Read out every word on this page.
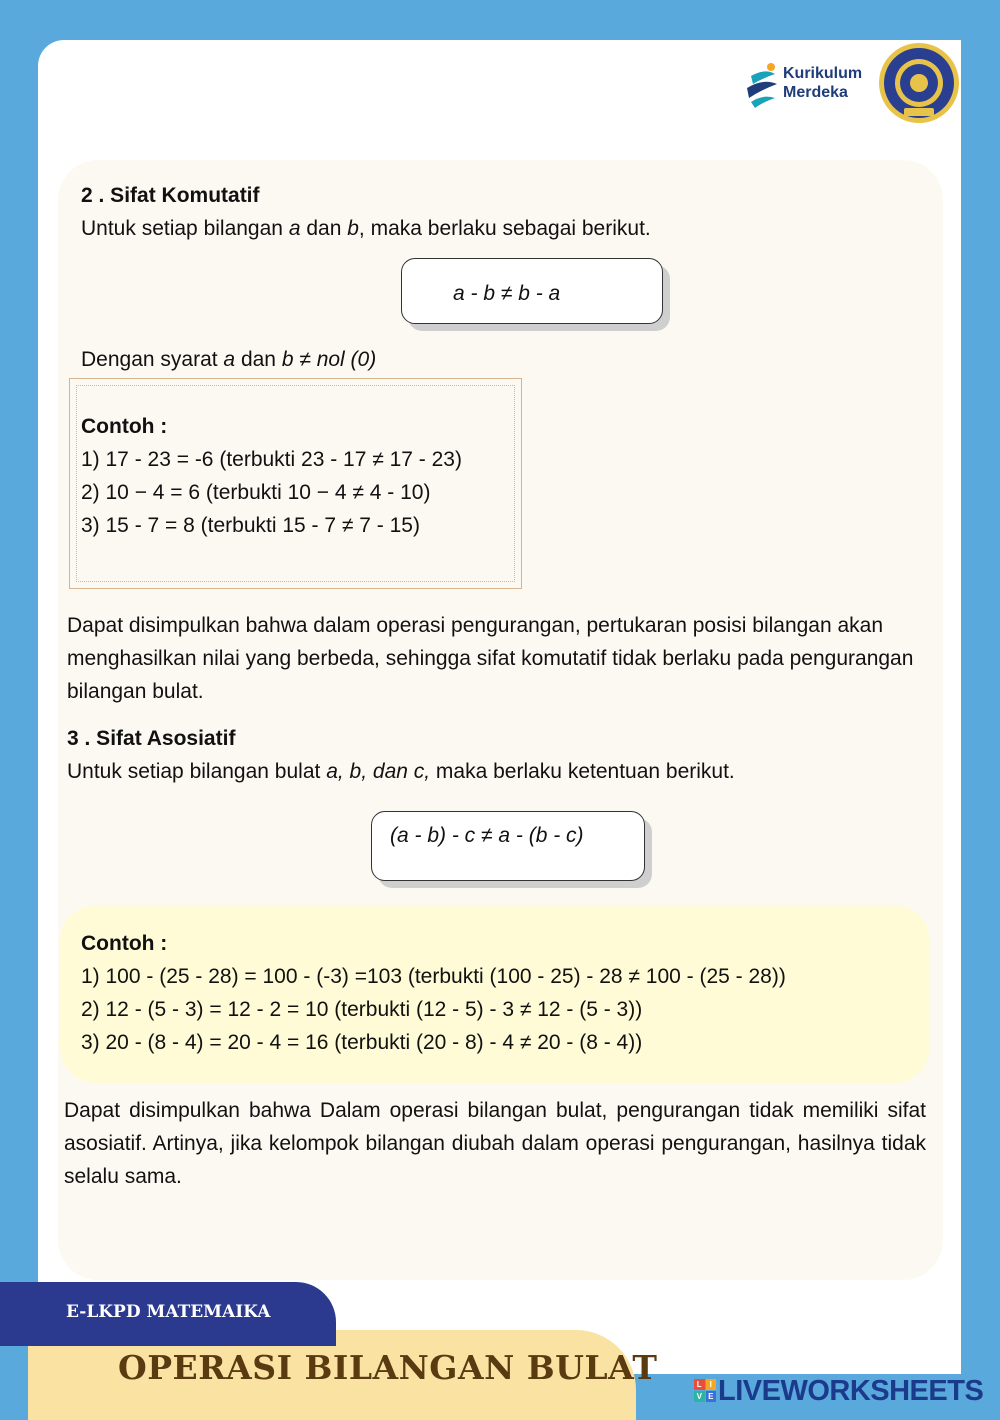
Kurikulum
Merdeka
2 . Sifat Komutatif
Untuk setiap bilangan a dan b, maka berlaku sebagai berikut.
a - b ≠ b - a
Dengan syarat a dan b ≠ nol (0)
Contoh :
1) 17 - 23 = -6 (terbukti 23 - 17 ≠ 17 - 23)
2) 10 − 4 = 6 (terbukti 10 − 4 ≠ 4 - 10)
3) 15 - 7 = 8 (terbukti 15 - 7 ≠ 7 - 15)
Dapat disimpulkan bahwa dalam operasi pengurangan, pertukaran posisi bilangan akan menghasilkan nilai yang berbeda, sehingga sifat komutatif tidak berlaku pada pengurangan bilangan bulat.
3 . Sifat Asosiatif
Untuk setiap bilangan bulat a, b, dan c, maka berlaku ketentuan berikut.
(a - b) - c ≠ a - (b - c)
Contoh :
1) 100 - (25 - 28) = 100 - (-3) =103 (terbukti (100 - 25) - 28 ≠ 100 - (25 - 28))
2) 12 - (5 - 3) = 12 - 2 = 10 (terbukti (12 - 5) - 3 ≠ 12 - (5 - 3))
3) 20 - (8 - 4) = 20 - 4 = 16 (terbukti (20 - 8) - 4 ≠ 20 - (8 - 4))
Dapat disimpulkan bahwa Dalam operasi bilangan bulat, pengurangan tidak memiliki sifat asosiatif. Artinya, jika kelompok bilangan diubah dalam operasi pengurangan, hasilnya tidak selalu sama.
OPERASI BILANGAN BULAT
E-LKPD MATEMAIKA
L I
V E LIVEWORKSHEETS
